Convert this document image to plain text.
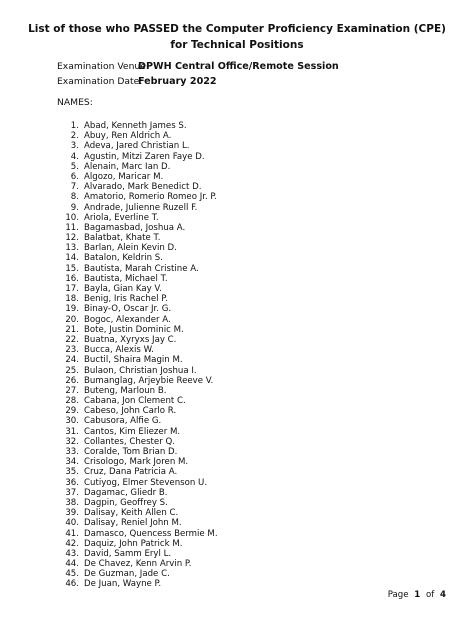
List of those who PASSED the Computer Proficiency Examination (CPE)
for Technical Positions
Examination Venue:
DPWH Central Office/Remote Session
Examination Date:
February 2022
NAMES:
1. Abad, Kenneth James S.
2. Abuy, Ren Aldrich A.
3. Adeva, Jared Christian L.
4. Agustin, Mitzi Zaren Faye D.
5. Alenain, Marc Ian D.
6. Algozo, Maricar M.
7. Alvarado, Mark Benedict D.
8. Amatorio, Romerio Romeo Jr. P.
9. Andrade, Julienne Ruzell F.
10. Ariola, Everline T.
11. Bagamasbad, Joshua A.
12. Balatbat, Khate T.
13. Barlan, Alein Kevin D.
14. Batalon, Keldrin S.
15. Bautista, Marah Cristine A.
16. Bautista, Michael T.
17. Bayla, Gian Kay V.
18. Benig, Iris Rachel P.
19. Binay-O, Oscar Jr. G.
20. Bogoc, Alexander A.
21. Bote, Justin Dominic M.
22. Buatna, Xyryxs Jay C.
23. Bucca, Alexis W.
24. Buctil, Shaira Magin M.
25. Bulaon, Christian Joshua I.
26. Bumanglag, Arjeybie Reeve V.
27. Buteng, Marloun B.
28. Cabana, Jon Clement C.
29. Cabeso, John Carlo R.
30. Cabusora, Alfie G.
31. Cantos, Kim Eliezer M.
32. Collantes, Chester Q.
33. Coralde, Tom Brian D.
34. Crisologo, Mark Joren M.
35. Cruz, Dana Patricia A.
36. Cutiyog, Elmer Stevenson U.
37. Dagamac, Gliedr B.
38. Dagpin, Geoffrey S.
39. Dalisay, Keith Allen C.
40. Dalisay, Reniel John M.
41. Damasco, Quencess Bermie M.
42. Daquiz, John Patrick M.
43. David, Samm Eryl L.
44. De Chavez, Kenn Arvin P.
45. De Guzman, Jade C.
46. De Juan, Wayne P.
Page 1 of 4
